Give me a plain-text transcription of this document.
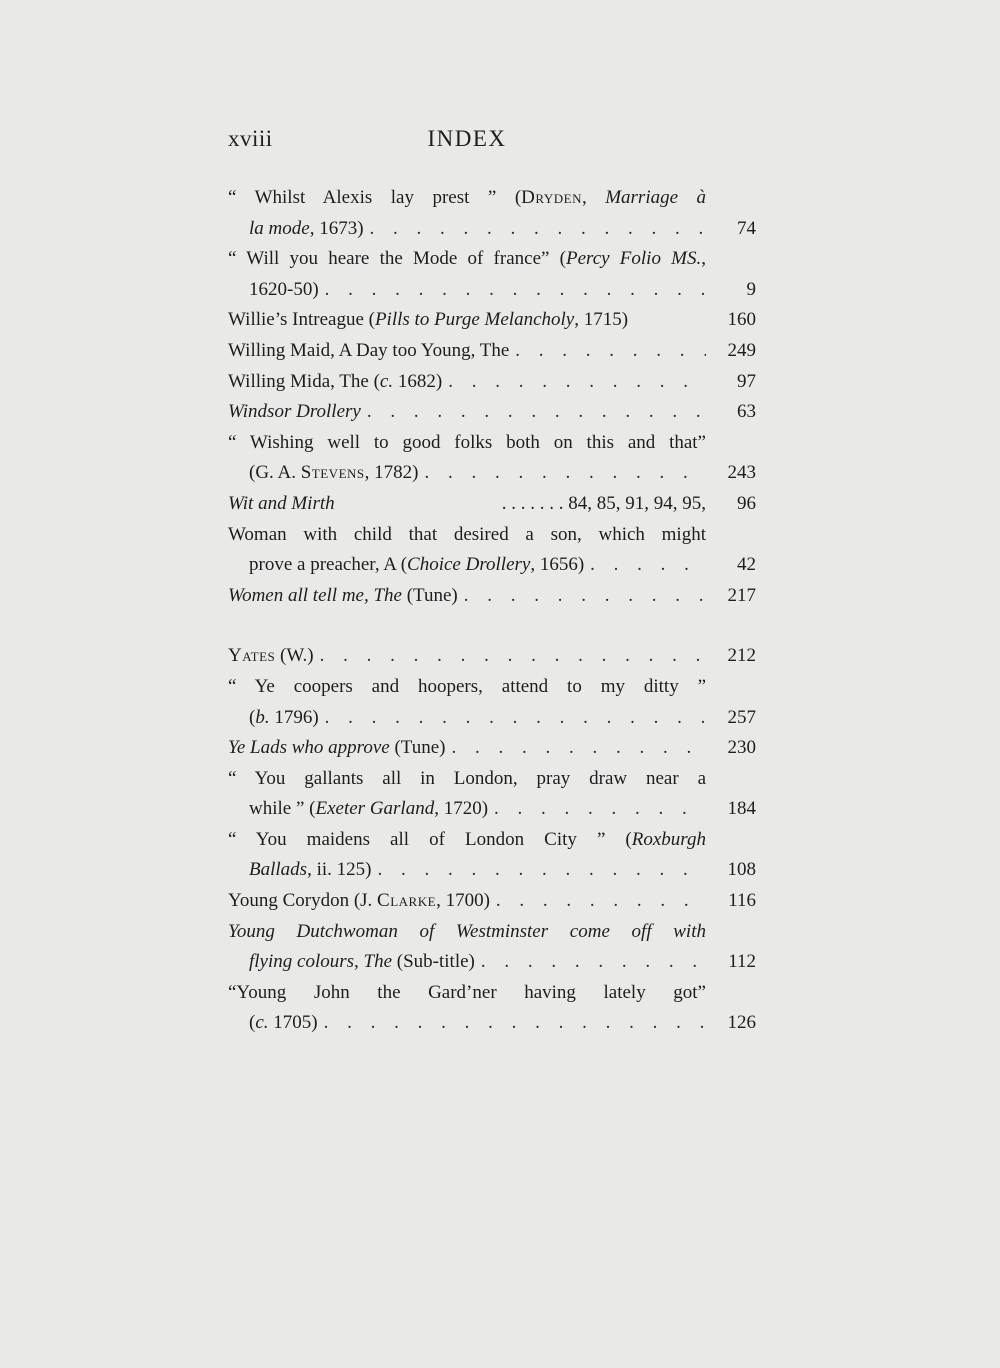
xviii	INDEX
“ Whilst Alexis lay prest ” (Dryden, Marriage à
la mode, 1673) . . .	74
“ Will you heare the Mode of france” (Percy Folio MS.,
1620-50) . . .	9
Willie’s Intreague (Pills to Purge Melancholy, 1715)	160
Willing Maid, A Day too Young, The . . .	249
Willing Mida, The (c. 1682) . . .	97
Windsor Drollery . . .	63
“ Wishing well to good folks both on this and that”
(G. A. Stevens, 1782) . . .	243
Wit and Mirth	. . . . . . . 84, 85, 91, 94, 95,	96
Woman with child that desired a son, which might
prove a preacher, A (Choice Drollery, 1656) . . .	42
Women all tell me, The (Tune) . . .	217
Yates (W.) . . .	212
“ Ye coopers and hoopers, attend to my ditty ”
(b. 1796) . . .	257
Ye Lads who approve (Tune) . . .	230
“ You gallants all in London, pray draw near a
while ” (Exeter Garland, 1720) . . .	184
“ You maidens all of London City ” (Roxburgh
Ballads, ii. 125) . . .	108
Young Corydon (J. Clarke, 1700) . . .	116
Young Dutchwoman of Westminster come off with
flying colours, The (Sub-title) . . .	112
“Young John the Gard’ner having lately got”
(c. 1705) . . .	126
